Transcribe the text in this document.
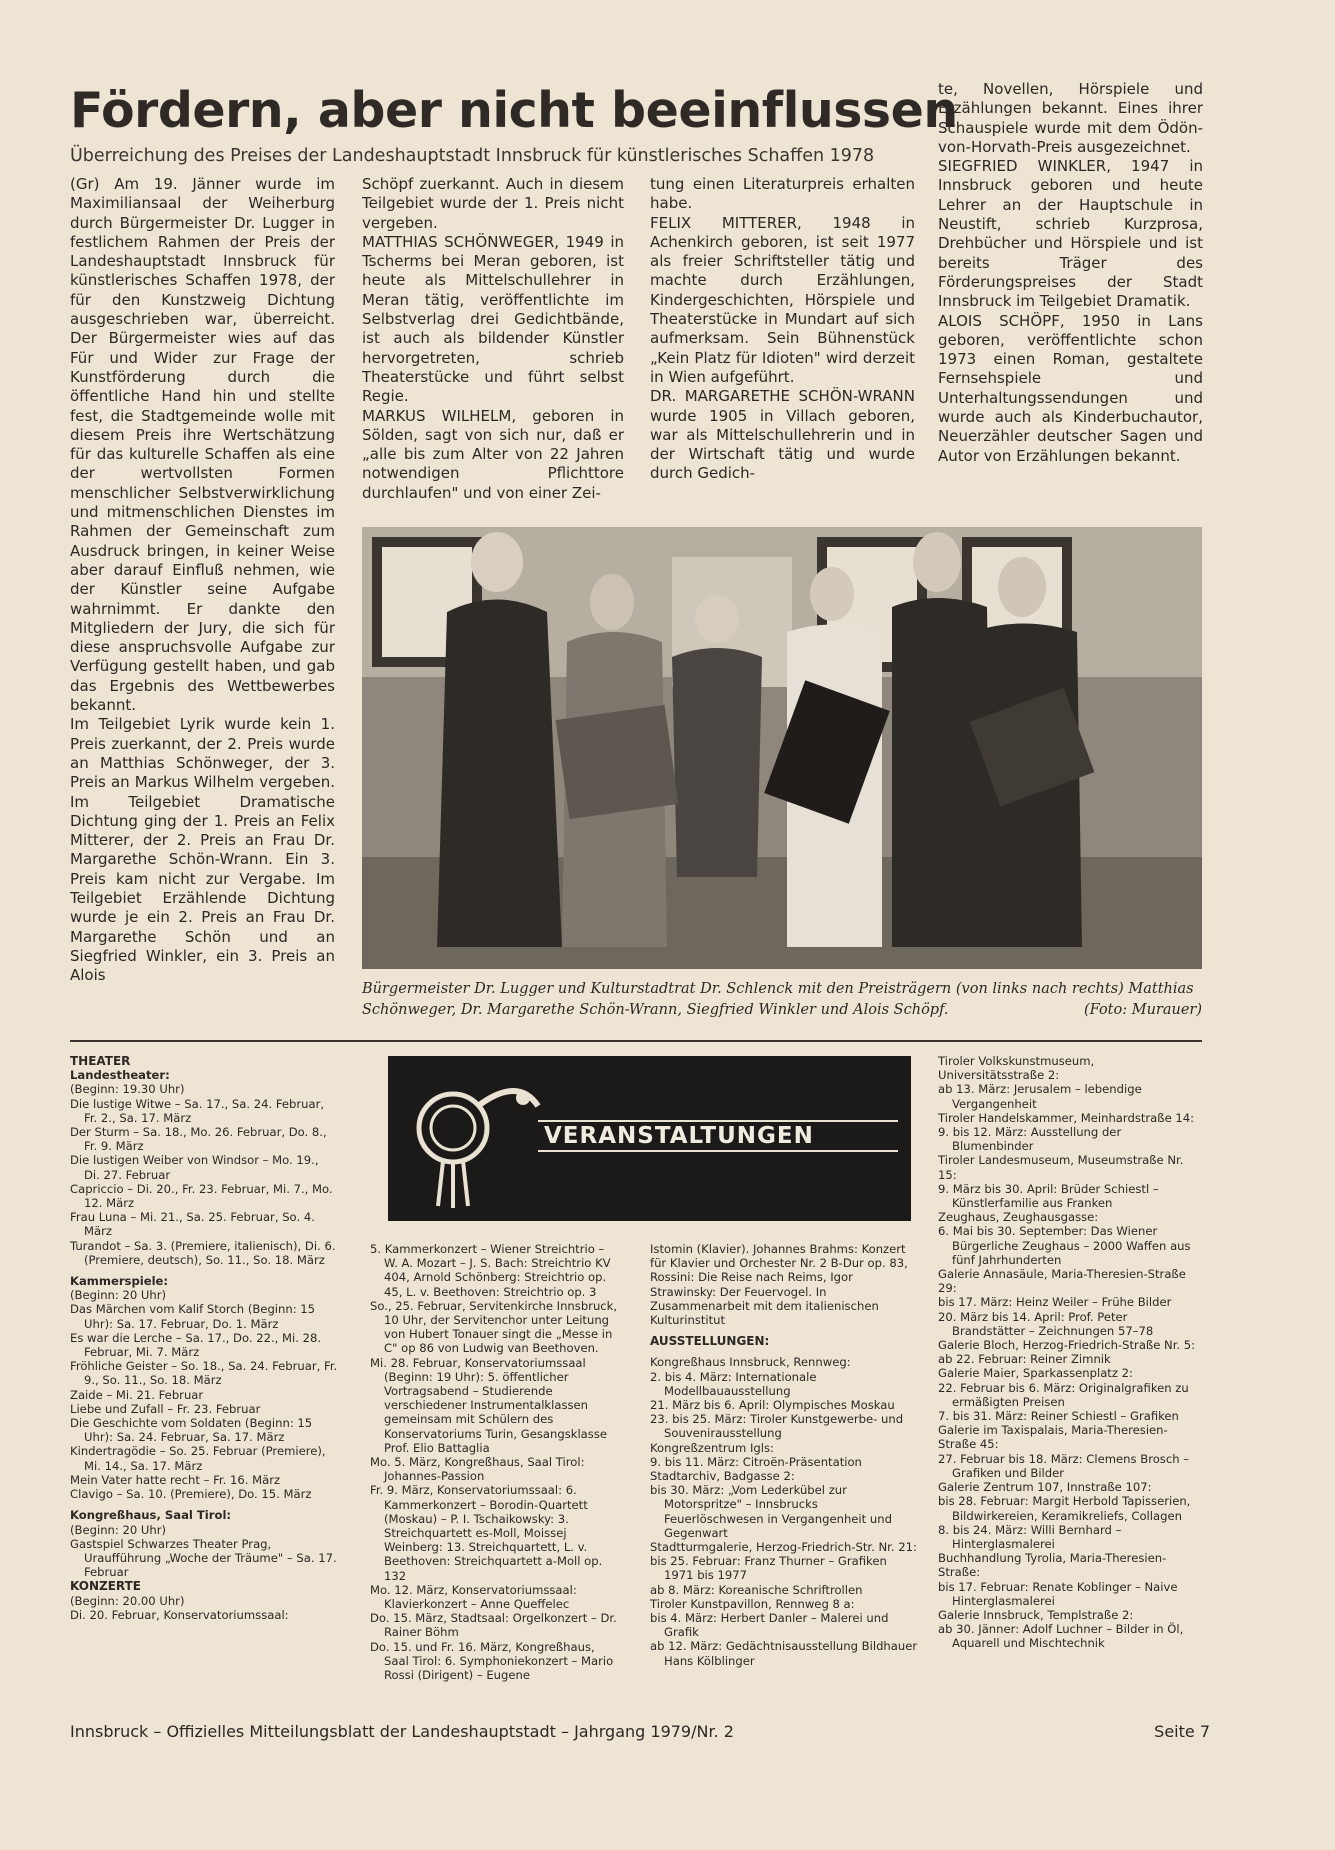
Fördern, aber nicht beeinflussen
Überreichung des Preises der Landeshauptstadt Innsbruck für künstlerisches Schaffen 1978

(Gr) Am 19. Jänner wurde im Maximiliansaal der Weiherburg durch Bürgermeister Dr. Lugger in festlichem Rahmen der Preis der Landeshauptstadt Innsbruck für künstlerisches Schaffen 1978, der für den Kunstzweig Dichtung ausgeschrieben war, überreicht. Der Bürgermeister wies auf das Für und Wider zur Frage der Kunstförderung durch die öffentliche Hand hin und stellte fest, die Stadtgemeinde wolle mit diesem Preis ihre Wertschätzung für das kulturelle Schaffen als eine der wertvollsten Formen menschlicher Selbstverwirklichung und mitmenschlichen Dienstes im Rahmen der Gemeinschaft zum Ausdruck bringen, in keiner Weise aber darauf Einfluß nehmen, wie der Künstler seine Aufgabe wahrnimmt. Er dankte den Mitgliedern der Jury, die sich für diese anspruchsvolle Aufgabe zur Verfügung gestellt haben, und gab das Ergebnis des Wettbewerbes bekannt.

Im Teilgebiet Lyrik wurde kein 1. Preis zuerkannt, der 2. Preis wurde an Matthias Schönweger, der 3. Preis an Markus Wilhelm vergeben. Im Teilgebiet Dramatische Dichtung ging der 1. Preis an Felix Mitterer, der 2. Preis an Frau Dr. Margarethe Schön-Wrann. Ein 3. Preis kam nicht zur Vergabe. Im Teilgebiet Erzählende Dichtung wurde je ein 2. Preis an Frau Dr. Margarethe Schön und an Siegfried Winkler, ein 3. Preis an Alois

Schöpf zuerkannt. Auch in diesem Teilgebiet wurde der 1. Preis nicht vergeben.

MATTHIAS SCHÖNWEGER, 1949 in Tscherms bei Meran geboren, ist heute als Mittelschullehrer in Meran tätig, veröffentlichte im Selbstverlag drei Gedichtbände, ist auch als bildender Künstler hervorgetreten, schrieb Theaterstücke und führt selbst Regie.

MARKUS WILHELM, geboren in Sölden, sagt von sich nur, daß er „alle bis zum Alter von 22 Jahren notwendigen Pflichttore durchlaufen" und von einer Zei-

tung einen Literaturpreis erhalten habe.

FELIX MITTERER, 1948 in Achenkirch geboren, ist seit 1977 als freier Schriftsteller tätig und machte durch Erzählungen, Kindergeschichten, Hörspiele und Theaterstücke in Mundart auf sich aufmerksam. Sein Bühnenstück „Kein Platz für Idioten" wird derzeit in Wien aufgeführt.

DR. MARGARETHE SCHÖN-WRANN wurde 1905 in Villach geboren, war als Mittelschullehrerin und in der Wirtschaft tätig und wurde durch Gedich-

te, Novellen, Hörspiele und Erzählungen bekannt. Eines ihrer Schauspiele wurde mit dem Ödön-von-Horvath-Preis ausgezeichnet.

SIEGFRIED WINKLER, 1947 in Innsbruck geboren und heute Lehrer an der Hauptschule in Neustift, schrieb Kurzprosa, Drehbücher und Hörspiele und ist bereits Träger des Förderungspreises der Stadt Innsbruck im Teilgebiet Dramatik.

ALOIS SCHÖPF, 1950 in Lans geboren, veröffentlichte schon 1973 einen Roman, gestaltete Fernsehspiele und Unterhaltungssendungen und wurde auch als Kinderbuchautor, Neuerzähler deutscher Sagen und Autor von Erzählungen bekannt.

Bürgermeister Dr. Lugger und Kulturstadtrat Dr. Schlenck mit den Preisträgern (von links nach rechts) Matthias Schönweger, Dr. Margarethe Schön-Wrann, Siegfried Winkler und Alois Schöpf.	(Foto: Murauer)
THEATER
Landestheater:
(Beginn: 19.30 Uhr)
Die lustige Witwe – Sa. 17., Sa. 24. Februar, Fr. 2., Sa. 17. März
Der Sturm – Sa. 18., Mo. 26. Februar, Do. 8., Fr. 9. März
Die lustigen Weiber von Windsor – Mo. 19., Di. 27. Februar
Capriccio – Di. 20., Fr. 23. Februar, Mi. 7., Mo. 12. März
Frau Luna – Mi. 21., Sa. 25. Februar, So. 4. März
Turandot – Sa. 3. (Premiere, italienisch), Di. 6. (Premiere, deutsch), So. 11., So. 18. März
Kammerspiele:
(Beginn: 20 Uhr)
Das Märchen vom Kalif Storch (Beginn: 15 Uhr): Sa. 17. Februar, Do. 1. März
Es war die Lerche – Sa. 17., Do. 22., Mi. 28. Februar, Mi. 7. März
Fröhliche Geister – So. 18., Sa. 24. Februar, Fr. 9., So. 11., So. 18. März
Zaide – Mi. 21. Februar
Liebe und Zufall – Fr. 23. Februar
Die Geschichte vom Soldaten (Beginn: 15 Uhr): Sa. 24. Februar, Sa. 17. März
Kindertragödie – So. 25. Februar (Premiere), Mi. 14., Sa. 17. März
Mein Vater hatte recht – Fr. 16. März
Clavigo – Sa. 10. (Premiere), Do. 15. März
Kongreßhaus, Saal Tirol:
(Beginn: 20 Uhr)
Gastspiel Schwarzes Theater Prag, Uraufführung „Woche der Träume" – Sa. 17. Februar
KONZERTE
(Beginn: 20.00 Uhr)
Di. 20. Februar, Konservatoriumssaal:
VERANSTALTUNGEN
5. Kammerkonzert – Wiener Streichtrio – W. A. Mozart – J. S. Bach: Streichtrio KV 404, Arnold Schönberg: Streichtrio op. 45, L. v. Beethoven: Streichtrio op. 3
So., 25. Februar, Servitenkirche Innsbruck, 10 Uhr, der Servitenchor unter Leitung von Hubert Tonauer singt die „Messe in C" op 86 von Ludwig van Beethoven.
Mi. 28. Februar, Konservatoriumssaal (Beginn: 19 Uhr): 5. öffentlicher Vortragsabend – Studierende verschiedener Instrumentalklassen gemeinsam mit Schülern des Konservatoriums Turin, Gesangsklasse Prof. Elio Battaglia
Mo. 5. März, Kongreßhaus, Saal Tirol: Johannes-Passion
Fr. 9. März, Konservatoriumssaal: 6. Kammerkonzert – Borodin-Quartett (Moskau) – P. I. Tschaikowsky: 3. Streichquartett es-Moll, Moissej Weinberg: 13. Streichquartett, L. v. Beethoven: Streichquartett a-Moll op. 132
Mo. 12. März, Konservatoriumssaal: Klavierkonzert – Anne Queffelec
Do. 15. März, Stadtsaal: Orgelkonzert – Dr. Rainer Böhm
Do. 15. und Fr. 16. März, Kongreßhaus, Saal Tirol: 6. Symphoniekonzert – Mario Rossi (Dirigent) – Eugene
Istomin (Klavier). Johannes Brahms: Konzert für Klavier und Orchester Nr. 2 B-Dur op. 83, Rossini: Die Reise nach Reims, Igor Strawinsky: Der Feuervogel. In Zusammenarbeit mit dem italienischen Kulturinstitut
AUSSTELLUNGEN:
Kongreßhaus Innsbruck, Rennweg:
2. bis 4. März: Internationale Modellbauausstellung
21. März bis 6. April: Olympisches Moskau
23. bis 25. März: Tiroler Kunstgewerbe- und Souvenirausstellung
Kongreßzentrum Igls:
9. bis 11. März: Citroën-Präsentation
Stadtarchiv, Badgasse 2:
bis 30. März: „Vom Lederkübel zur Motorspritze" – Innsbrucks Feuerlöschwesen in Vergangenheit und Gegenwart
Stadtturmgalerie, Herzog-Friedrich-Str. Nr. 21:
bis 25. Februar: Franz Thurner – Grafiken 1971 bis 1977
ab 8. März: Koreanische Schriftrollen
Tiroler Kunstpavillon, Rennweg 8 a:
bis 4. März: Herbert Danler – Malerei und Grafik
ab 12. März: Gedächtnisausstellung Bildhauer Hans Kölblinger
Tiroler Volkskunstmuseum, Universitätsstraße 2:
ab 13. März: Jerusalem – lebendige Vergangenheit
Tiroler Handelskammer, Meinhardstraße 14:
9. bis 12. März: Ausstellung der Blumenbinder
Tiroler Landesmuseum, Museumstraße Nr. 15:
9. März bis 30. April: Brüder Schiestl – Künstlerfamilie aus Franken
Zeughaus, Zeughausgasse:
6. Mai bis 30. September: Das Wiener Bürgerliche Zeughaus – 2000 Waffen aus fünf Jahrhunderten
Galerie Annasäule, Maria-Theresien-Straße 29:
bis 17. März: Heinz Weiler – Frühe Bilder
20. März bis 14. April: Prof. Peter Brandstätter – Zeichnungen 57–78
Galerie Bloch, Herzog-Friedrich-Straße Nr. 5:
ab 22. Februar: Reiner Zimnik
Galerie Maier, Sparkassenplatz 2:
22. Februar bis 6. März: Originalgrafiken zu ermäßigten Preisen
7. bis 31. März: Reiner Schiestl – Grafiken
Galerie im Taxispalais, Maria-Theresien-Straße 45:
27. Februar bis 18. März: Clemens Brosch – Grafiken und Bilder
Galerie Zentrum 107, Innstraße 107:
bis 28. Februar: Margit Herbold Tapisserien, Bildwirkereien, Keramikreliefs, Collagen
8. bis 24. März: Willi Bernhard – Hinterglasmalerei
Buchhandlung Tyrolia, Maria-Theresien-Straße:
bis 17. Februar: Renate Koblinger – Naive Hinterglasmalerei
Galerie Innsbruck, Templstraße 2:
ab 30. Jänner: Adolf Luchner – Bilder in Öl, Aquarell und Mischtechnik
Innsbruck – Offizielles Mitteilungsblatt der Landeshauptstadt – Jahrgang 1979/Nr. 2	Seite 7
